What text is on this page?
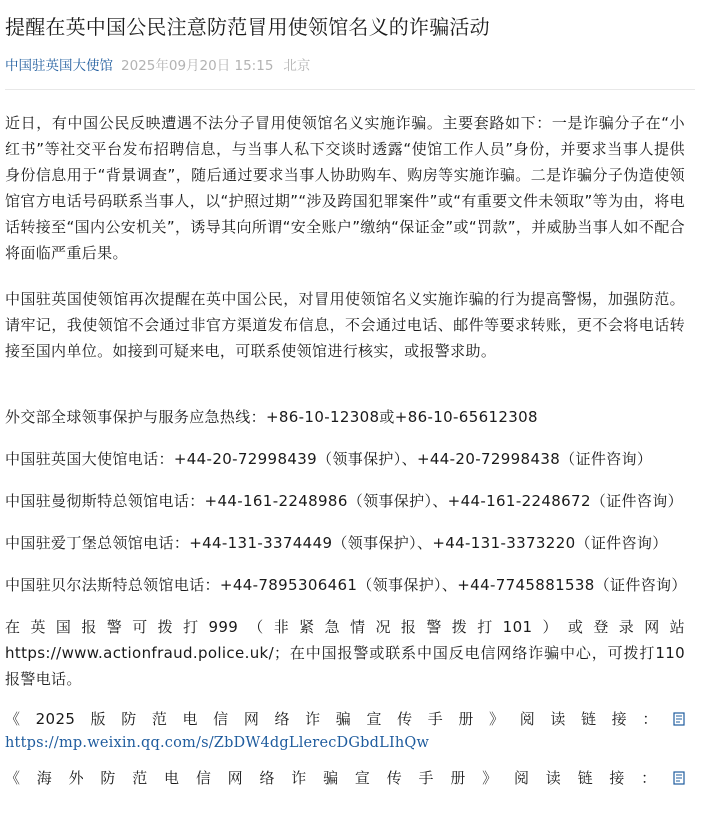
提醒在英中国公民注意防范冒用使领馆名义的诈骗活动
中国驻英国大使馆 2025年09月20日 15:15 北京

近日，有中国公民反映遭遇不法分子冒用使领馆名义实施诈骗。主要套路如下：一是诈骗分子在“小红书”等社交平台发布招聘信息，与当事人私下交谈时透露“使馆工作人员”身份，并要求当事人提供身份信息用于“背景调查”，随后通过要求当事人协助购车、购房等实施诈骗。二是诈骗分子伪造使领馆官方电话号码联系当事人，以“护照过期”“涉及跨国犯罪案件”或“有重要文件未领取”等为由，将电话转接至“国内公安机关”，诱导其向所谓“安全账户”缴纳“保证金”或“罚款”，并威胁当事人如不配合将面临严重后果。

中国驻英国使领馆再次提醒在英中国公民，对冒用使领馆名义实施诈骗的行为提高警惕，加强防范。请牢记，我使领馆不会通过非官方渠道发布信息，不会通过电话、邮件等要求转账，更不会将电话转接至国内单位。如接到可疑来电，可联系使领馆进行核实，或报警求助。

外交部全球领事保护与服务应急热线：+86-10-12308或+86-10-65612308

中国驻英国大使馆电话：+44-20-72998439（领事保护）、+44-20-72998438（证件咨询）

中国驻曼彻斯特总领馆电话：+44-161-2248986（领事保护）、+44-161-2248672（证件咨询）

中国驻爱丁堡总领馆电话：+44-131-3374449（领事保护）、+44-131-3373220（证件咨询）

中国驻贝尔法斯特总领馆电话：+44-7895306461（领事保护）、+44-7745881538（证件咨询）

在英国报警可拨打999（非紧急情况报警拨打101）或登录网站

https://www.actionfraud.police.uk/；在中国报警或联系中国反电信网络诈骗中心，可拨打110报警电话。

《2025版防范电信网络诈骗宣传手册》阅读链接：

https://mp.weixin.qq.com/s/ZbDW4dgLlerecDGbdLIhQw

《海外防范电信网络诈骗宣传手册》阅读链接：
